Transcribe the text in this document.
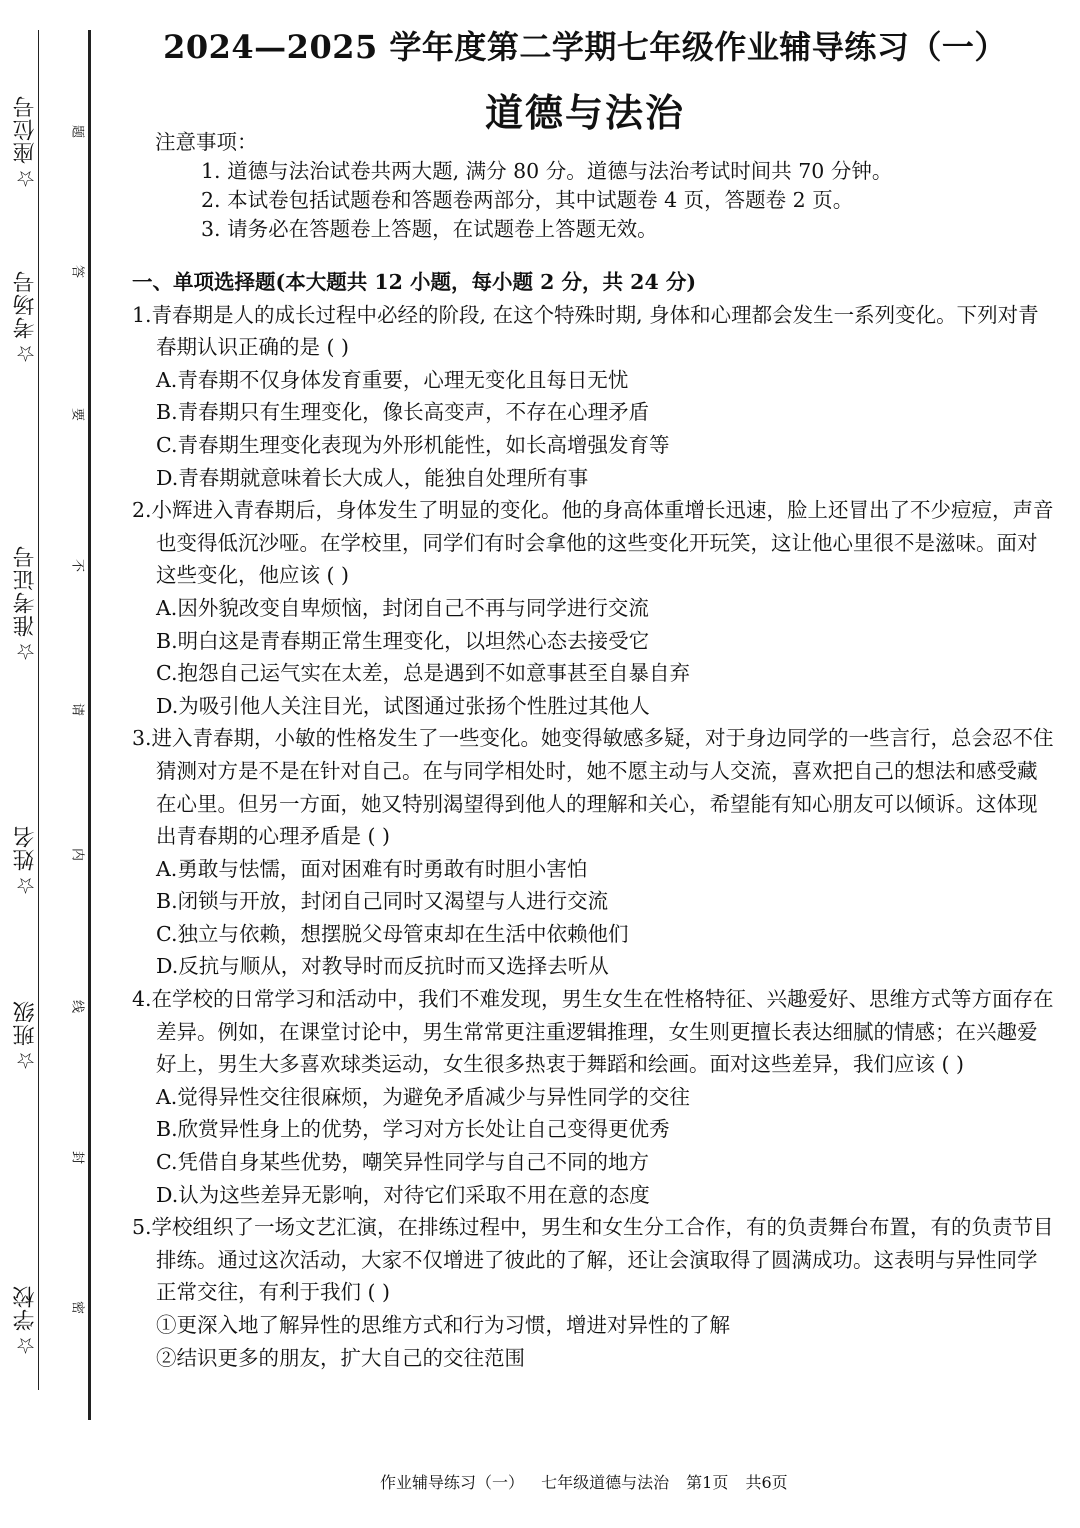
☆座位号
☆考场号
☆准考证号
☆姓名
☆班级
☆学校
题
答
要
不
请
内
线
封
密
2024—2025 学年度第二学期七年级作业辅导练习（一）
道德与法治
注意事项：
1. 道德与法治试卷共两大题, 满分 80 分。道德与法治考试时间共 70 分钟。
2. 本试卷包括试题卷和答题卷两部分，其中试题卷 4 页，答题卷 2 页。
3. 请务必在答题卷上答题，在试题卷上答题无效。
一、单项选择题(本大题共 12 小题，每小题 2 分，共 24 分)

1.青春期是人的成长过程中必经的阶段, 在这个特殊时期, 身体和心理都会发生一系列变化。下列对青春期认识正确的是 ( )

A.青春期不仅身体发育重要，心理无变化且每日无忧

B.青春期只有生理变化，像长高变声，不存在心理矛盾

C.青春期生理变化表现为外形机能性，如长高增强发育等

D.青春期就意味着长大成人，能独自处理所有事

2.小辉进入青春期后，身体发生了明显的变化。他的身高体重增长迅速，脸上还冒出了不少痘痘，声音也变得低沉沙哑。在学校里，同学们有时会拿他的这些变化开玩笑，这让他心里很不是滋味。面对这些变化，他应该 ( )

A.因外貌改变自卑烦恼，封闭自己不再与同学进行交流

B.明白这是青春期正常生理变化，以坦然心态去接受它

C.抱怨自己运气实在太差，总是遇到不如意事甚至自暴自弃

D.为吸引他人关注目光，试图通过张扬个性胜过其他人

3.进入青春期，小敏的性格发生了一些变化。她变得敏感多疑，对于身边同学的一些言行，总会忍不住猜测对方是不是在针对自己。在与同学相处时，她不愿主动与人交流，喜欢把自己的想法和感受藏在心里。但另一方面，她又特别渴望得到他人的理解和关心，希望能有知心朋友可以倾诉。这体现出青春期的心理矛盾是 ( )

A.勇敢与怯懦，面对困难有时勇敢有时胆小害怕

B.闭锁与开放，封闭自己同时又渴望与人进行交流

C.独立与依赖，想摆脱父母管束却在生活中依赖他们

D.反抗与顺从，对教导时而反抗时而又选择去听从

4.在学校的日常学习和活动中，我们不难发现，男生女生在性格特征、兴趣爱好、思维方式等方面存在差异。例如，在课堂讨论中，男生常常更注重逻辑推理，女生则更擅长表达细腻的情感；在兴趣爱好上，男生大多喜欢球类运动，女生很多热衷于舞蹈和绘画。面对这些差异，我们应该 ( )

A.觉得异性交往很麻烦，为避免矛盾减少与异性同学的交往

B.欣赏异性身上的优势，学习对方长处让自己变得更优秀

C.凭借自身某些优势，嘲笑异性同学与自己不同的地方

D.认为这些差异无影响，对待它们采取不用在意的态度

5.学校组织了一场文艺汇演，在排练过程中，男生和女生分工合作，有的负责舞台布置，有的负责节目排练。通过这次活动，大家不仅增进了彼此的了解，还让会演取得了圆满成功。这表明与异性同学正常交往，有利于我们 ( )

①更深入地了解异性的思维方式和行为习惯，增进对异性的了解

②结识更多的朋友，扩大自己的交往范围

作业辅导练习（一） 七年级道德与法治 第1页 共6页
